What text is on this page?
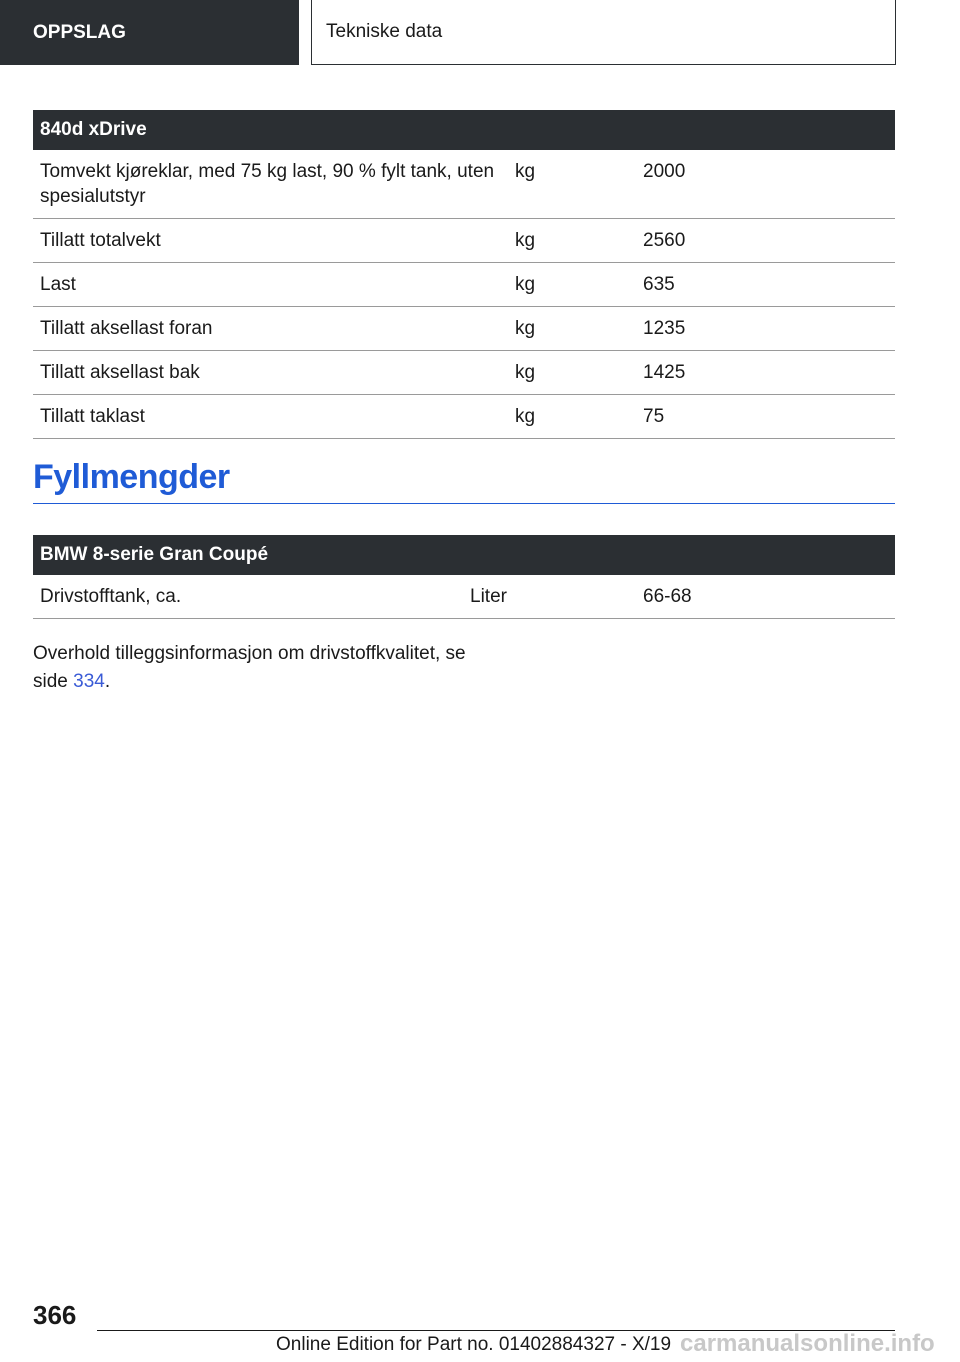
OPPSLAG	Tekniske data
840d xDrive		
Tomvekt kjøreklar, med 75 kg last, 90 % fylt tank, uten spesialutstyr	kg	2000
Tillatt totalvekt	kg	2560
Last	kg	635
Tillatt aksellast foran	kg	1235
Tillatt aksellast bak	kg	1425
Tillatt taklast	kg	75
Fyllmengder
BMW 8-serie Gran Coupé
Drivstofftank, ca.	Liter	66-68
Overhold tilleggsinformasjon om drivstoffkvalitet, se side 334.
366
Online Edition for Part no. 01402884327 - X/19 carmanualsonline.info
